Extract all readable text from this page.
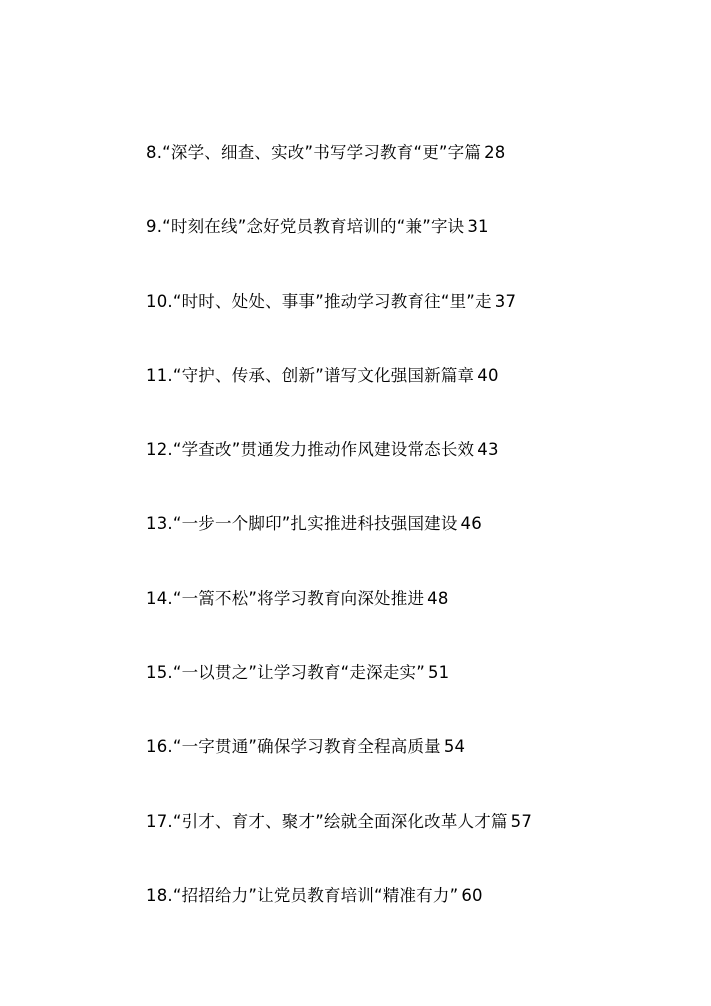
8.“深学、细查、实改”书写学习教育“更”字篇 28
9.“时刻在线”念好党员教育培训的“兼”字诀 31
10.“时时、处处、事事”推动学习教育往“里”走 37
11.“守护、传承、创新”谱写文化强国新篇章 40
12.“学查改”贯通发力推动作风建设常态长效 43
13.“一步一个脚印”扎实推进科技强国建设 46
14.“一篙不松”将学习教育向深处推进 48
15.“一以贯之”让学习教育“走深走实” 51
16.“一字贯通”确保学习教育全程高质量 54
17.“引才、育才、聚才”绘就全面深化改革人才篇 57
18.“招招给力”让党员教育培训“精准有力” 60
